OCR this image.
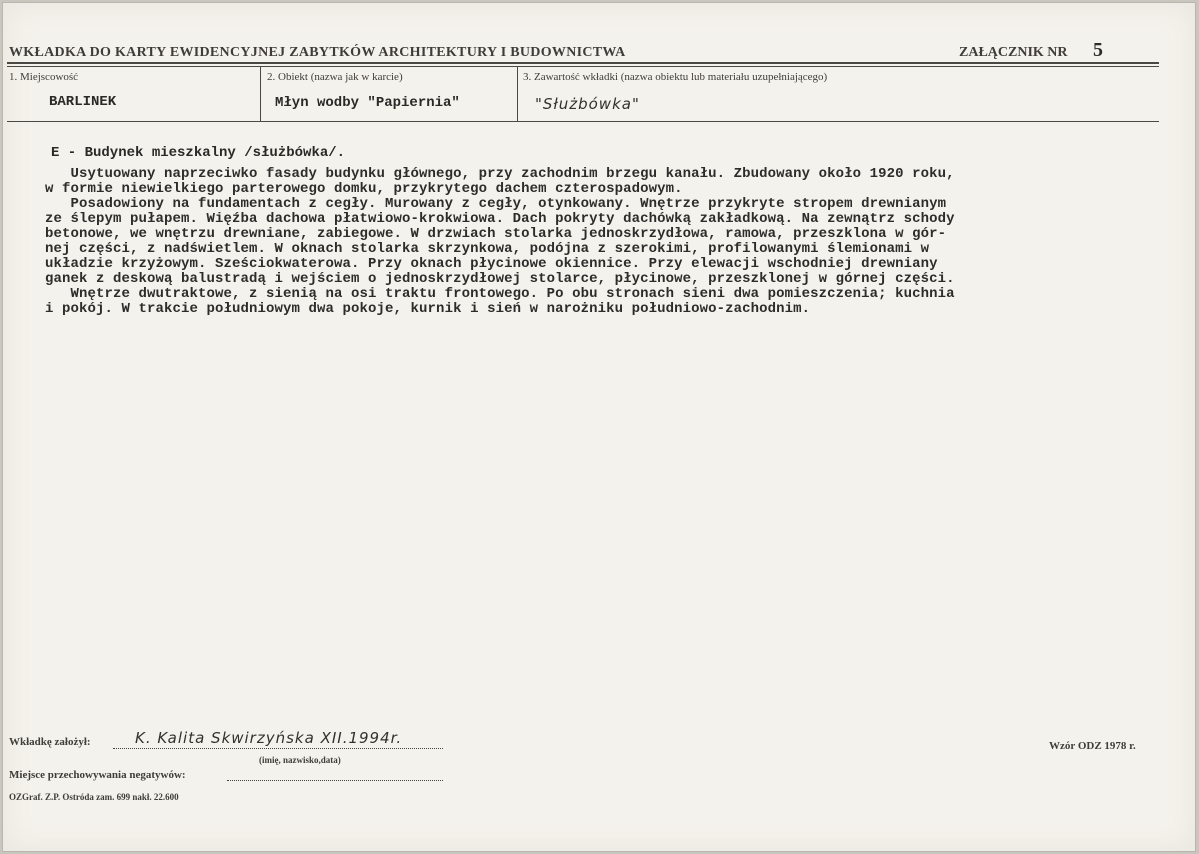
WKŁADKA DO KARTY EWIDENCYJNEJ ZABYTKÓW ARCHITEKTURY I BUDOWNICTWA	ZAŁĄCZNIK NR 5
1. Miejscowość
BARLINEK
2. Obiekt (nazwa jak w karcie)
Młyn wodby "Papiernia"
3. Zawartość wkładki (nazwa obiektu lub materiału uzupełniającego)
"Służbówka"
E - Budynek mieszkalny /służbówka/.

Usytuowany naprzeciwko fasady budynku głównego, przy zachodnim brzegu kanału. Zbudowany około 1920 roku,

w formie niewielkiego parterowego domku, przykrytego dachem czterospadowym.

Posadowiony na fundamentach z cegły. Murowany z cegły, otynkowany. Wnętrze przykryte stropem drewnianym

ze ślepym pułapem. Więźba dachowa płatwiowo-krokwiowa. Dach pokryty dachówką zakładkową. Na zewnątrz schody

betonowe, we wnętrzu drewniane, zabiegowe. W drzwiach stolarka jednoskrzydłowa, ramowa, przeszklona w gór-

nej części, z nadświetlem. W oknach stolarka skrzynkowa, podójna z szerokimi, profilowanymi ślemionami w

układzie krzyżowym. Sześciokwaterowa. Przy oknach płycinowe okiennice. Przy elewacji wschodniej drewniany

ganek z deskową balustradą i wejściem o jednoskrzydłowej stolarce, płycinowe, przeszklonej w górnej części.

Wnętrze dwutraktowe, z sienią na osi traktu frontowego. Po obu stronach sieni dwa pomieszczenia; kuchnia

i pokój. W trakcie południowym dwa pokoje, kurnik i sień w narożniku południowo-zachodnim.

Wkładkę założył:	K. Kalita Skwirzyńska XII.1994r.
(imię, nazwisko,data)
Miejsce przechowywania negatywów:
Wzór ODZ 1978 r.
OZGraf. Z.P. Ostróda zam. 699 nakł. 22.600
